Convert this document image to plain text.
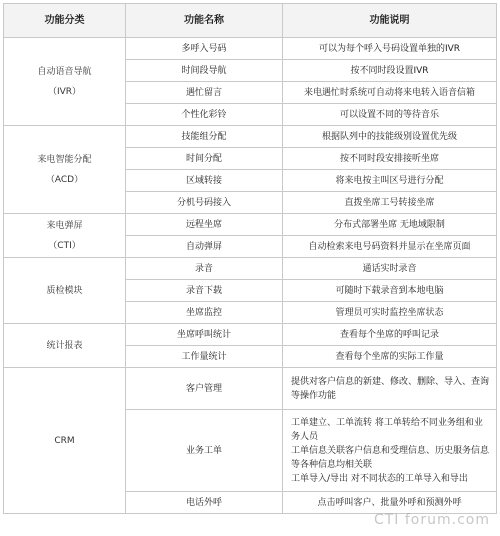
功能分类	功能名称	功能说明

自动语音导航
（IVR）	多呼入号码	可以为每个呼入号码设置单独的IVR
	时间段导航	按不同时段设置IVR
	遇忙留言	来电遇忙时系统可自动将来电转入语音信箱
	个性化彩铃	可以设置不同的等待音乐

来电智能分配
（ACD）	技能组分配	根据队列中的技能级别设置优先级
	时间分配	按不同时段安排接听坐席
	区域转接	将来电按主叫区号进行分配
	分机号码接入	直拨坐席工号转接坐席

来电弹屏
（CTI）	远程坐席	分布式部署坐席 无地域限制
	自动弹屏	自动检索来电号码资料并显示在坐席页面

质检模块	录音	通话实时录音
	录音下载	可随时下载录音到本地电脑
	坐席监控	管理员可实时监控坐席状态

统计报表	坐席呼叫统计	查看每个坐席的呼叫记录
	工作量统计	查看每个坐席的实际工作量

CRM	客户管理	提供对客户信息的新建、修改、删除、导入、查询
等操作功能

	业务工单	工单建立、工单流转 将工单转给不同业务组和业
务人员
工单信息关联客户信息和受理信息、历史服务信息
等各种信息均相关联
工单导入/导出 对不同状态的工单导入和导出

	电话外呼	点击呼叫客户、批量外呼和预测外呼
CTI forum.com
